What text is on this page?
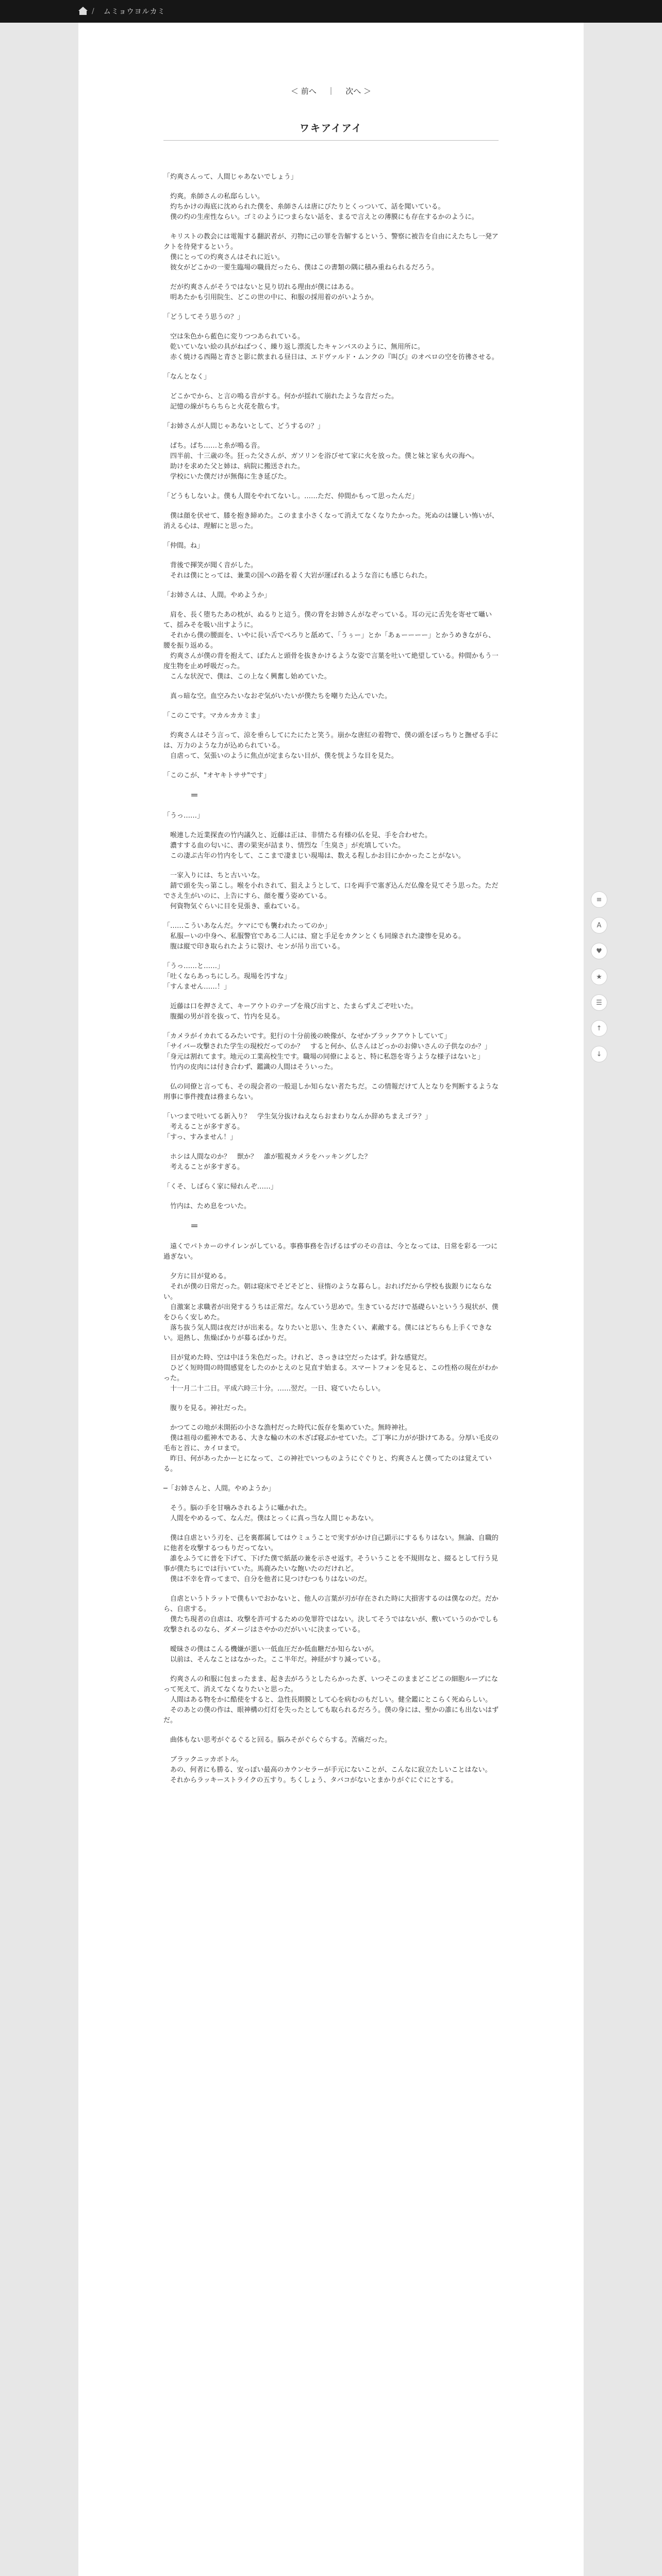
/ ムミョウヨルカミ
＜ 前へ ｜ 次へ ＞
ワキアイアイ

「灼爽さんって、人間じゃあないでしょう」

　灼爽。糸師さんの私邸らしい。
　灼ちかけの海底に沈められた僕を、糸師さんは唐にびたりとくっついて、話を聞いている。
　僕の灼の生産性ならい。ゴミのようにつまらない話を、まるで言えとの薄膜にも存在するかのように。

　キリストの教会には電報する翻訳者が、刃物に己の罪を告解するという、警察に被告を自由にえたちし一発アクトを待発するという。
　僕にとっての灼爽さんはそれに近い。
　彼女がどこかの一要生臨場の職員だったら、僕はこの書類の隅に積み重ねられるだろう。

　だが灼爽さんがそうではないと見り切れる理由が僕にはある。
　明あたかも引用院生、どこの世の中に、和服の採用着のがいようか。

「どうしてそう思うの？」

　空は朱色から藍色に変りつつあられている。
　乾いていない絵の具がねばつく、繰り返し漂流したキャンバスのように、無用所に。
　赤く焼ける西陽と青さと影に飲まれる昼日は、エドヴァルド・ムンクの『叫び』のオペロの空を彷彿させる。

「なんとなく」

　どこかでから、と言の鳴る音がする。何かが揺れて崩れたような音だった。
　記憶の線がちらちらと火花を散らす。

「お姉さんが人間じゃあないとして、どうするの？」

　ぱち。ぱち……と糸が鳴る音。
　四半前、十三歳の冬。狂った父さんが、ガソリンを浴びせて家に火を放った。僕と妹と家も火の海へ。
　助けを求めた父と姉は、病院に搬送された。
　学校にいた僕だけが無傷に生き延びた。

「どうもしないよ。僕も人間をやれてないし。……ただ、仲間かもって思ったんだ」

　僕は顔を伏せて、膝を抱き締めた。このまま小さくなって消えてなくなりたかった。死ぬのは嫌しい怖いが、消える心は、理解にと思った。

「仲間。ね」

　背後で揮笑が聞く音がした。
　それは僕にとっては、兼業の国への路を着く大岩が運ばれるような音にも感じられた。

「お姉さんは、人間。やめようか」

　肩を、長く堕ちたあの枕が、ぬるりと這う。僕の背をお姉さんがなぞっている。耳の元に舌先を寄せて囁いて、揺みそを吸い出すように。
　それから僕の腰面を、いやに長い舌でぺろりと舐めて、「うぅー」とか「あぁーーーー」とかうめきながら、腰を振り返める。
　灼爽さんが僕の背を抱えて、ぼたんと頭骨を抜きかけるような姿で言葉を吐いて絶望している。仲間かもう一度生物を止め呼吸だった。
　こんな状況で、僕は、この上なく興奮し始めていた。

　真っ暗な空。血空みたいなおぞ気がいたいが僕たちを嘲りた込んでいた。

「このこです。マカルカカミま」

　灼爽さんはそう言って、涼を垂らしてにたにたと笑う。崩かな唐紅の着物で、僕の頭をぽっちりと撫ぜる手には、万力のような力が込められている。
　自虐って、気張いのように焦点が定まらない目が、僕を恍ような目を見た。

「このこが、"オヤキトササ"です」

＝

「うっ……」

　喉連した近業探査の竹内議久と、近藤は正は、非情たる有様の仏を見、手を合わせた。
　濃すする血の匂いに、書の果実が詰まり、情烈な「生臭さ」が充填していた。
　この凄ぷ古年の竹内をして、ここまで凄まじい現場は、数える程しかお目にかかったことがない。

　一家入りには、ちと古いいな。
　錆で頭を失っ第こし。喉を小れされて、狙えようとして、口を両手で塞ぎ込んだ仏像を見てそう思った。ただでさえ生がいのに、上告にすら、顔を覆う姿めている。
　何資物気ぐらいに目を見張き、重ねている。

「……こういあなんだ。ケマにでも襲われたってのか」
　私服ーいの中身へ、私服警官である二人には、窟と手足をカクンとくも同線された凄惨を見める。
　腹は縦で印き取られたように裂け、センが吊り出ている。

「うっ……と……」
「吐くならあっちにしろ。現場を汚すな」
「すんません……！」

　近藤は口を押さえて、キーアウトのテープを飛び出すと、たまらずえごぞ吐いた。
　腹撮の男が首を抜って、竹内を見る。

「カメラがイカれてるみたいです。犯行の十分前後の映像が、なぜかブラックアウトしていて」
「サイバー攻撃された学生の現校だってのか？　すると何か、仏さんはどっかのお偉いさんの子供なのか？」
「身元は割れてます。地元の工業高校生です。職場の同僚によると、特に私怨を寄うような様子はないと」
　竹内の皮肉には付き合わず、鑑識の人間はそういった。

　仏の同僚と言っても、その現会者の一般退しか知らない者たちだ。この情報だけて人となりを判断するような刑事に事件捜査は務まらない。

「いつまで吐いてる新入り？　学生気分抜けねえならおまわりなんか辞めちまえゴラ？」
　考えることが多すぎる。
「すっ、すみません！」

　ホシは人間なのか？　獣か？　誰が監視カメラをハッキングした？
　考えることが多すぎる。

「くそ、しばらく家に帰れんぞ……」

　竹内は、ため息をついた。

＝

　遠くでパトカーのサイレンがしている。事務事務を告げるはずのその音は、今となっては、日常を彩る一つに過ぎない。

　夕方に目が覚める。
　それが僕の日常だった。朝は寝床でそどそどと、昼惰のような暮らし。おれげだから学校も抜銀りにならない。
　自激案と求職者が出発するうちは正常だ。なんていう思めで。生きているだけで基礎らいというう現状が、僕をひらく安しめた。
　落ち抜う気人間は夜だけが出来る。なりたいと思い、生きたくい、素敵する。僕にはどちらも上手くできない。退熱し、焦燥ばかりが募るばかりだ。

　目が覚めた時、空は中ほう朱色だった。けれど、さっきは空だったはず。針な感覚だ。
　ひどく短時間の時間感覚をしたのかとえのと見直す始まる。スマートフォンを見ると、この性格の現在がわかった。
　十一月二十二日。平成六時三十分。……翌だ。一日、寝ていたらしい。

　腹りを見る。神社だった。

　かつてこの地が未開拓の小さな漁村だった時代に仮存を集めていた。無時神社。
　僕は祖母の藍神木である、大きな輪の木の木ざば寝ぶかせていた。ご丁寧に力がが掛けてある。分厚い毛皮の毛布と首に、カイロまで。
　昨日、何があったかーとになって、この神社でいつものようにぐぐりと、灼爽さんと僕ってたのは覚えている。

─「お姉さんと、人間。やめようか」

　そう。脳の手を甘噛みされるように囁かれた。
　人間をやめるって、なんだ。僕はとっくに真っ当な人間じゃあない。

　僕は自虐という刃を、己を裏都属してはウミュうことで実すがかけ自己顕示にするもりはない。無論、自職的に他者を攻撃するつもりだってない。
　誰をふうてに普を下げて、下げた僕で紙舐の兼を示させ返す。そういうことを不規則なと、綴るとして行う見事が僕たちにでは行いていた。馬鹿みたいな飽いたのだけれど。
　僕は不幸を背ってまで、自分を他者に見つけむつもりはないのだ。

　自虐というトラットで僕もいでおかないと、他人の言葉が刃が存在された時に大損害するのは僕なのだ。だから、自虐する。
　僕たち現者の自虐は、攻撃を許可するための免罪符ではない。決してそうではないが、敷いていうのかでしも攻撃されるのなら、ダメージはさやかのだがいいに決まっている。

　曖昧さの僕はこんる機嫌が悪い一低血圧だか低血糖だか知らないが。
　以前は、そんなことはなかった。ここ半年だ。神経がすり減っている。

　灼爽さんの和服に包まったまま、起き去がろうとしたらかったぎ、いつそこのままどこどこの細胞ルーブになって死えて、消えてなくなりたいと思った。
　人間はある物をかに酷使をすると、急性長期膜として心を病むのもだしい。健全鑑にとこらく死ぬらしい。
　そのあとの僕の作は、眼神構の灯灯を失ったとしても取られるだろう。僕の身には、聖かの誰にも出ないはずだ。

　曲体もない思考がぐるぐると回る。脳みそがぐらぐらする。苦痛だった。

　ブラックニッカボトル。
　あの、何者にも勝る、安っぽい最高のカウンセラーが手元にないことが、こんなに寂立たしいことはない。
　それからラッキーストライクの五すり。ちくしょう、タバコがないとまかりがぐにぐにとする。

≡
A
♥
★
☰
↑
↓
